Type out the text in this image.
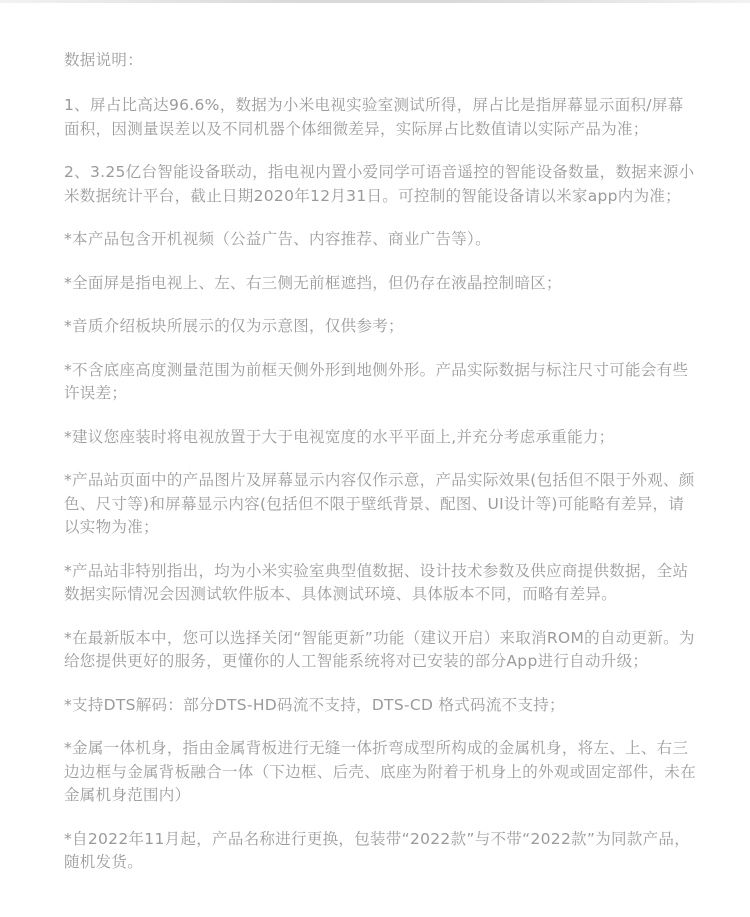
数据说明：

1、屏占比高达96.6%，数据为小米电视实验室测试所得，屏占比是指屏幕显示面积/屏幕面积，因测量误差以及不同机器个体细微差异，实际屏占比数值请以实际产品为准；

2、3.25亿台智能设备联动，指电视内置小爱同学可语音遥控的智能设备数量，数据来源小米数据统计平台，截止日期2020年12月31日。可控制的智能设备请以米家app内为准；

*本产品包含开机视频（公益广告、内容推荐、商业广告等）。

*全面屏是指电视上、左、右三侧无前框遮挡，但仍存在液晶控制暗区；

*音质介绍板块所展示的仅为示意图，仅供参考；

*不含底座高度测量范围为前框天侧外形到地侧外形。产品实际数据与标注尺寸可能会有些许误差；

*建议您座装时将电视放置于大于电视宽度的水平平面上,并充分考虑承重能力；

*产品站页面中的产品图片及屏幕显示内容仅作示意，产品实际效果(包括但不限于外观、颜色、尺寸等)和屏幕显示内容(包括但不限于壁纸背景、配图、UI设计等)可能略有差异，请以实物为准；

*产品站非特别指出，均为小米实验室典型值数据、设计技术参数及供应商提供数据，全站数据实际情况会因测试软件版本、具体测试环境、具体版本不同，而略有差异。

*在最新版本中，您可以选择关闭“智能更新”功能（建议开启）来取消ROM的自动更新。为给您提供更好的服务，更懂你的人工智能系统将对已安装的部分App进行自动升级；

*支持DTS解码：部分DTS-HD码流不支持，DTS-CD 格式码流不支持；

*金属一体机身，指由金属背板进行无缝一体折弯成型所构成的金属机身，将左、上、右三边边框与金属背板融合一体（下边框、后壳、底座为附着于机身上的外观或固定部件，未在金属机身范围内）

*自2022年11月起，产品名称进行更换，包装带“2022款”与不带“2022款”为同款产品，随机发货。
